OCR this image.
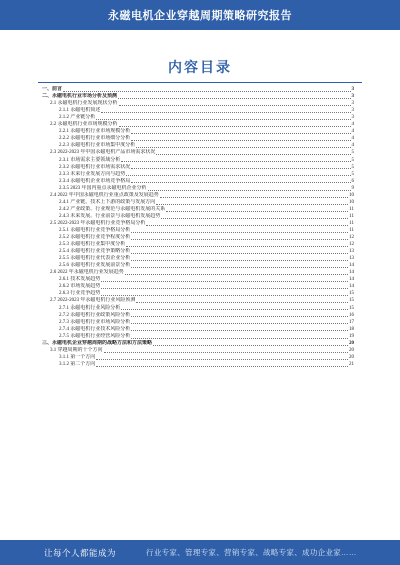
永磁电机企业穿越周期策略研究报告
内容目录
一、前言	3
二、永磁电机行业市场分析及预测	3
2.1 永磁电机行业发展现状分析	3
2.1.1 永磁电机简述	3
2.1.2 产业链分析	3
2.2 永磁电机行业市场规模分析	4
2.2.1 永磁电机行业市场规模分析	4
2.2.2 永磁电机行业市场细分分析	4
2.2.3 永磁电机行业市场集中度分析	4
2.3 2022-2023 年中国永磁电机产品市场需求状况	5
2.3.1 市场需求主要领域分析	5
2.3.2 永磁电机行业市场需求状况	5
2.3.3 未来行业发展方向与趋势	5
2.3.4 永磁电机企业市场竞争格局	6
2.3.5 2023 年国内重点永磁电机企业分析	9
2.4 2022 年中国永磁电机行业重点政策及发展趋势	10
2.4.1 产业链、技术上下游的政策与发展方向	10
2.4.2 产业政策、行业规范与永磁电机发展的关系	11
2.4.3 未来发展、行业前景与永磁电机发展趋势	11
2.5 2022-2023 年永磁电机行业竞争格局分析	11
2.5.1 永磁电机行业竞争格局分析	11
2.5.2 永磁电机行业竞争程度分析	12
2.5.3 永磁电机行业集中度分析	12
2.5.4 永磁电机行业竞争策略分析	13
2.5.5 永磁电机行业代表企业分析	13
2.5.6 永磁电机行业发展前景分析	14
2.6 2022 年永磁电机行业发展趋势	14
2.6.1 技术发展趋势	14
2.6.2 市场发展趋势	14
2.6.3 行业竞争趋势	15
2.7 2022-2023 年永磁电机行业风险预测	15
2.7.1 永磁电机行业风险分析	15
2.7.2 永磁电机行业政策风险分析	16
2.7.3 永磁电机行业市场风险分析	17
2.7.4 永磁电机行业技术风险分析	18
2.7.5 永磁电机行业经营风险分析	19
三、永磁电机企业穿越周期的战略方法和方法策略	20
3.1 穿越周期的十个方向	20
3.1.1 第一个方向	20
3.1.2 第二个方向	21
让每个人都能成为	行业专家、管理专家、营销专家、战略专家、成功企业家……
